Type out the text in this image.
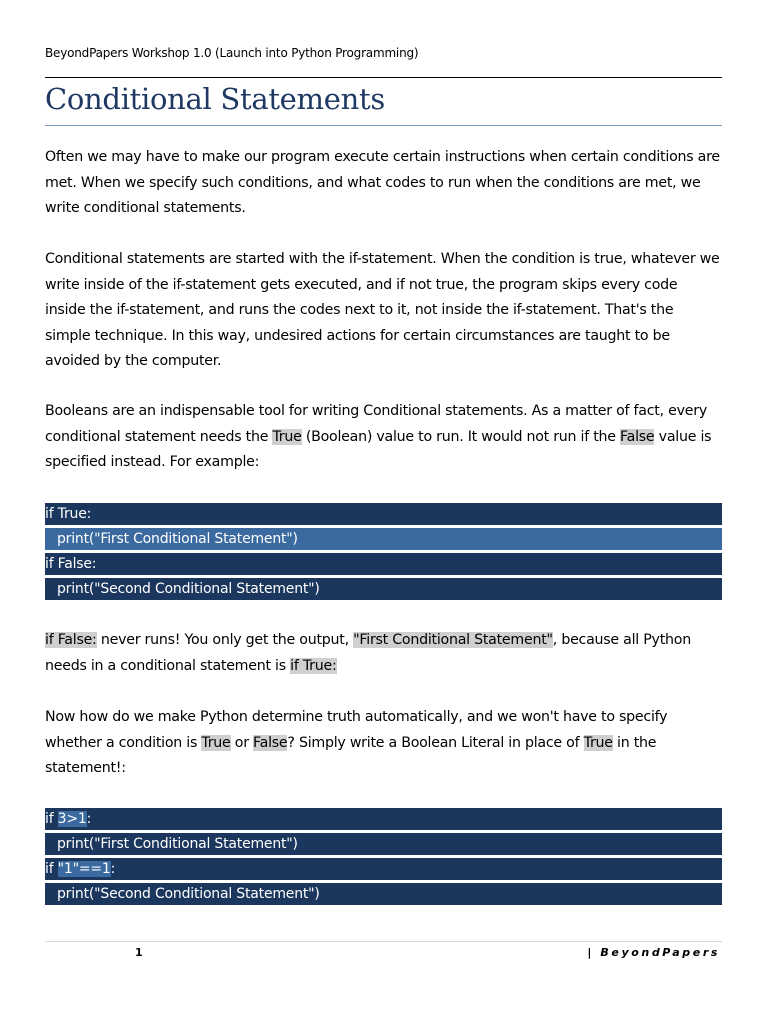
BeyondPapers Workshop 1.0 (Launch into Python Programming)
Conditional Statements

Often we may have to make our program execute certain instructions when certain conditions are met. When we specify such conditions, and what codes to run when the conditions are met, we write conditional statements.

Conditional statements are started with the if-statement. When the condition is true, whatever we write inside of the if-statement gets executed, and if not true, the program skips every code inside the if-statement, and runs the codes next to it, not inside the if-statement. That's the simple technique. In this way, undesired actions for certain circumstances are taught to be avoided by the computer.

Booleans are an indispensable tool for writing Conditional statements. As a matter of fact, every conditional statement needs the True (Boolean) value to run. It would not run if the False value is specified instead. For example:

if True:
print("First Conditional Statement")
if False:
print("Second Conditional Statement")

if False: never runs! You only get the output, "First Conditional Statement", because all Python needs in a conditional statement is if True:

Now how do we make Python determine truth automatically, and we won't have to specify whether a condition is True or False? Simply write a Boolean Literal in place of True in the statement!:

if 3>1:
print("First Conditional Statement")
if "1"==1:
print("Second Conditional Statement")
1	| BeyondPapers
